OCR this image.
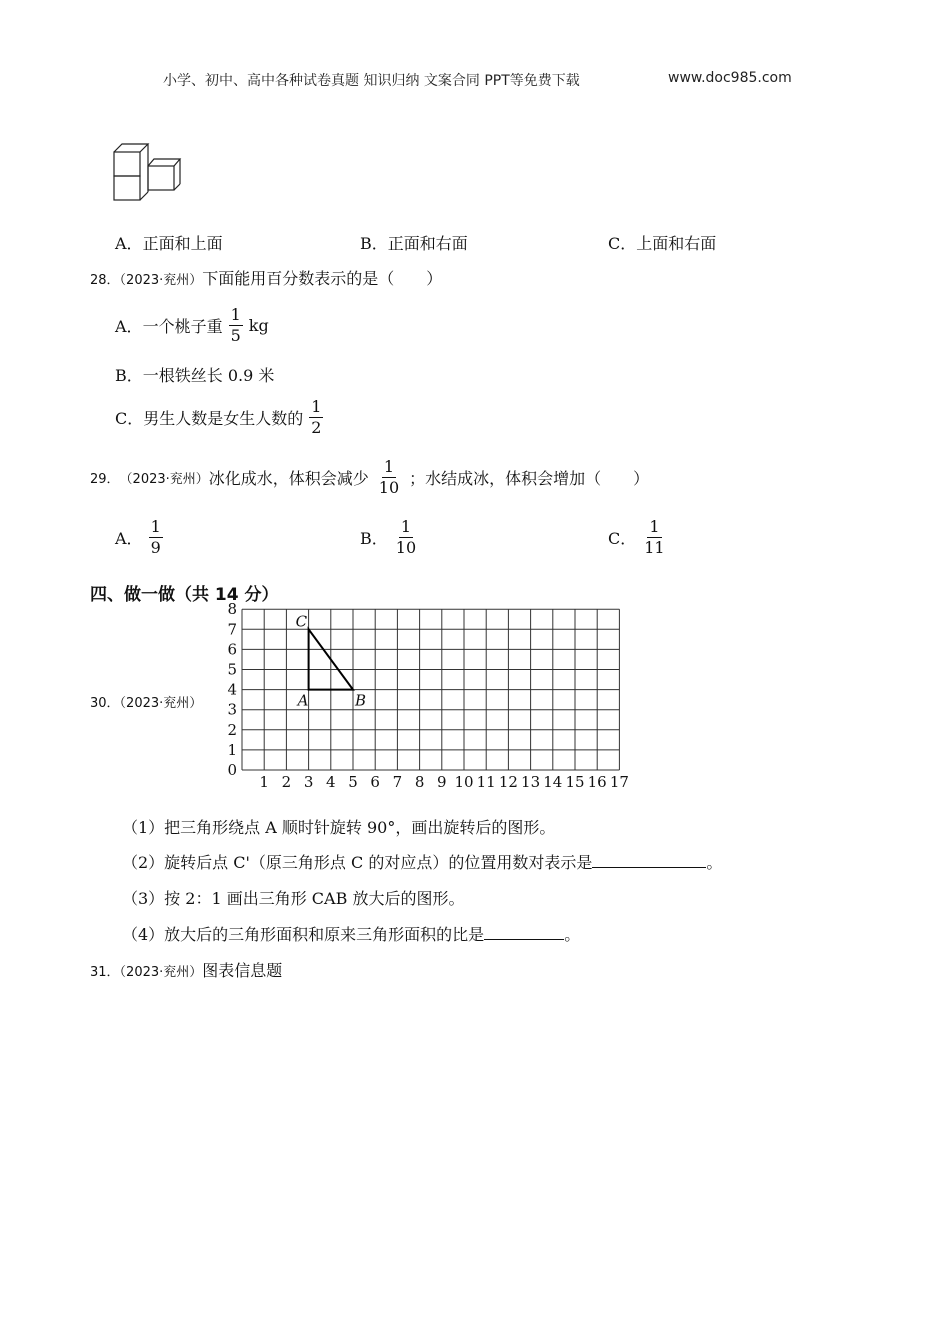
小学、初中、高中各种试卷真题 知识归纳 文案合同 PPT等免费下载	www.doc985.com
A．正面和上面	B．正面和右面	C．上面和右面
28．（2023·兖州）下面能用百分数表示的是（　　）
A． 一个桃子重 $\frac{1}{5}$ kg
B．一根铁丝长 0.9 米
C． 男生人数是女生人数的 $\frac{1}{2}$
29． （2023·兖州） 冰化成水，体积会减少 $\frac{1}{10}$ ；水结成冰，体积会增加（　　）
A． $\frac{1}{9}$	B． $\frac{1}{10}$	C． $\frac{1}{11}$
四、做一做（共 14 分）
30．（2023·兖州）
1 2 3 4 5 6 7 8 9 10 11 12 13 14 15 16 17
0
1
2
3
4
5
6
7
8
A	B
C
（1）把三角形绕点 A 顺时针旋转 90°，画出旋转后的图形。
（2）旋转后点 C'（原三角形点 C 的对应点）的位置用数对表示是	。
（3）按 2：1 画出三角形 CAB 放大后的图形。
（4）放大后的三角形面积和原来三角形面积的比是	。
31．（2023·兖州）图表信息题
